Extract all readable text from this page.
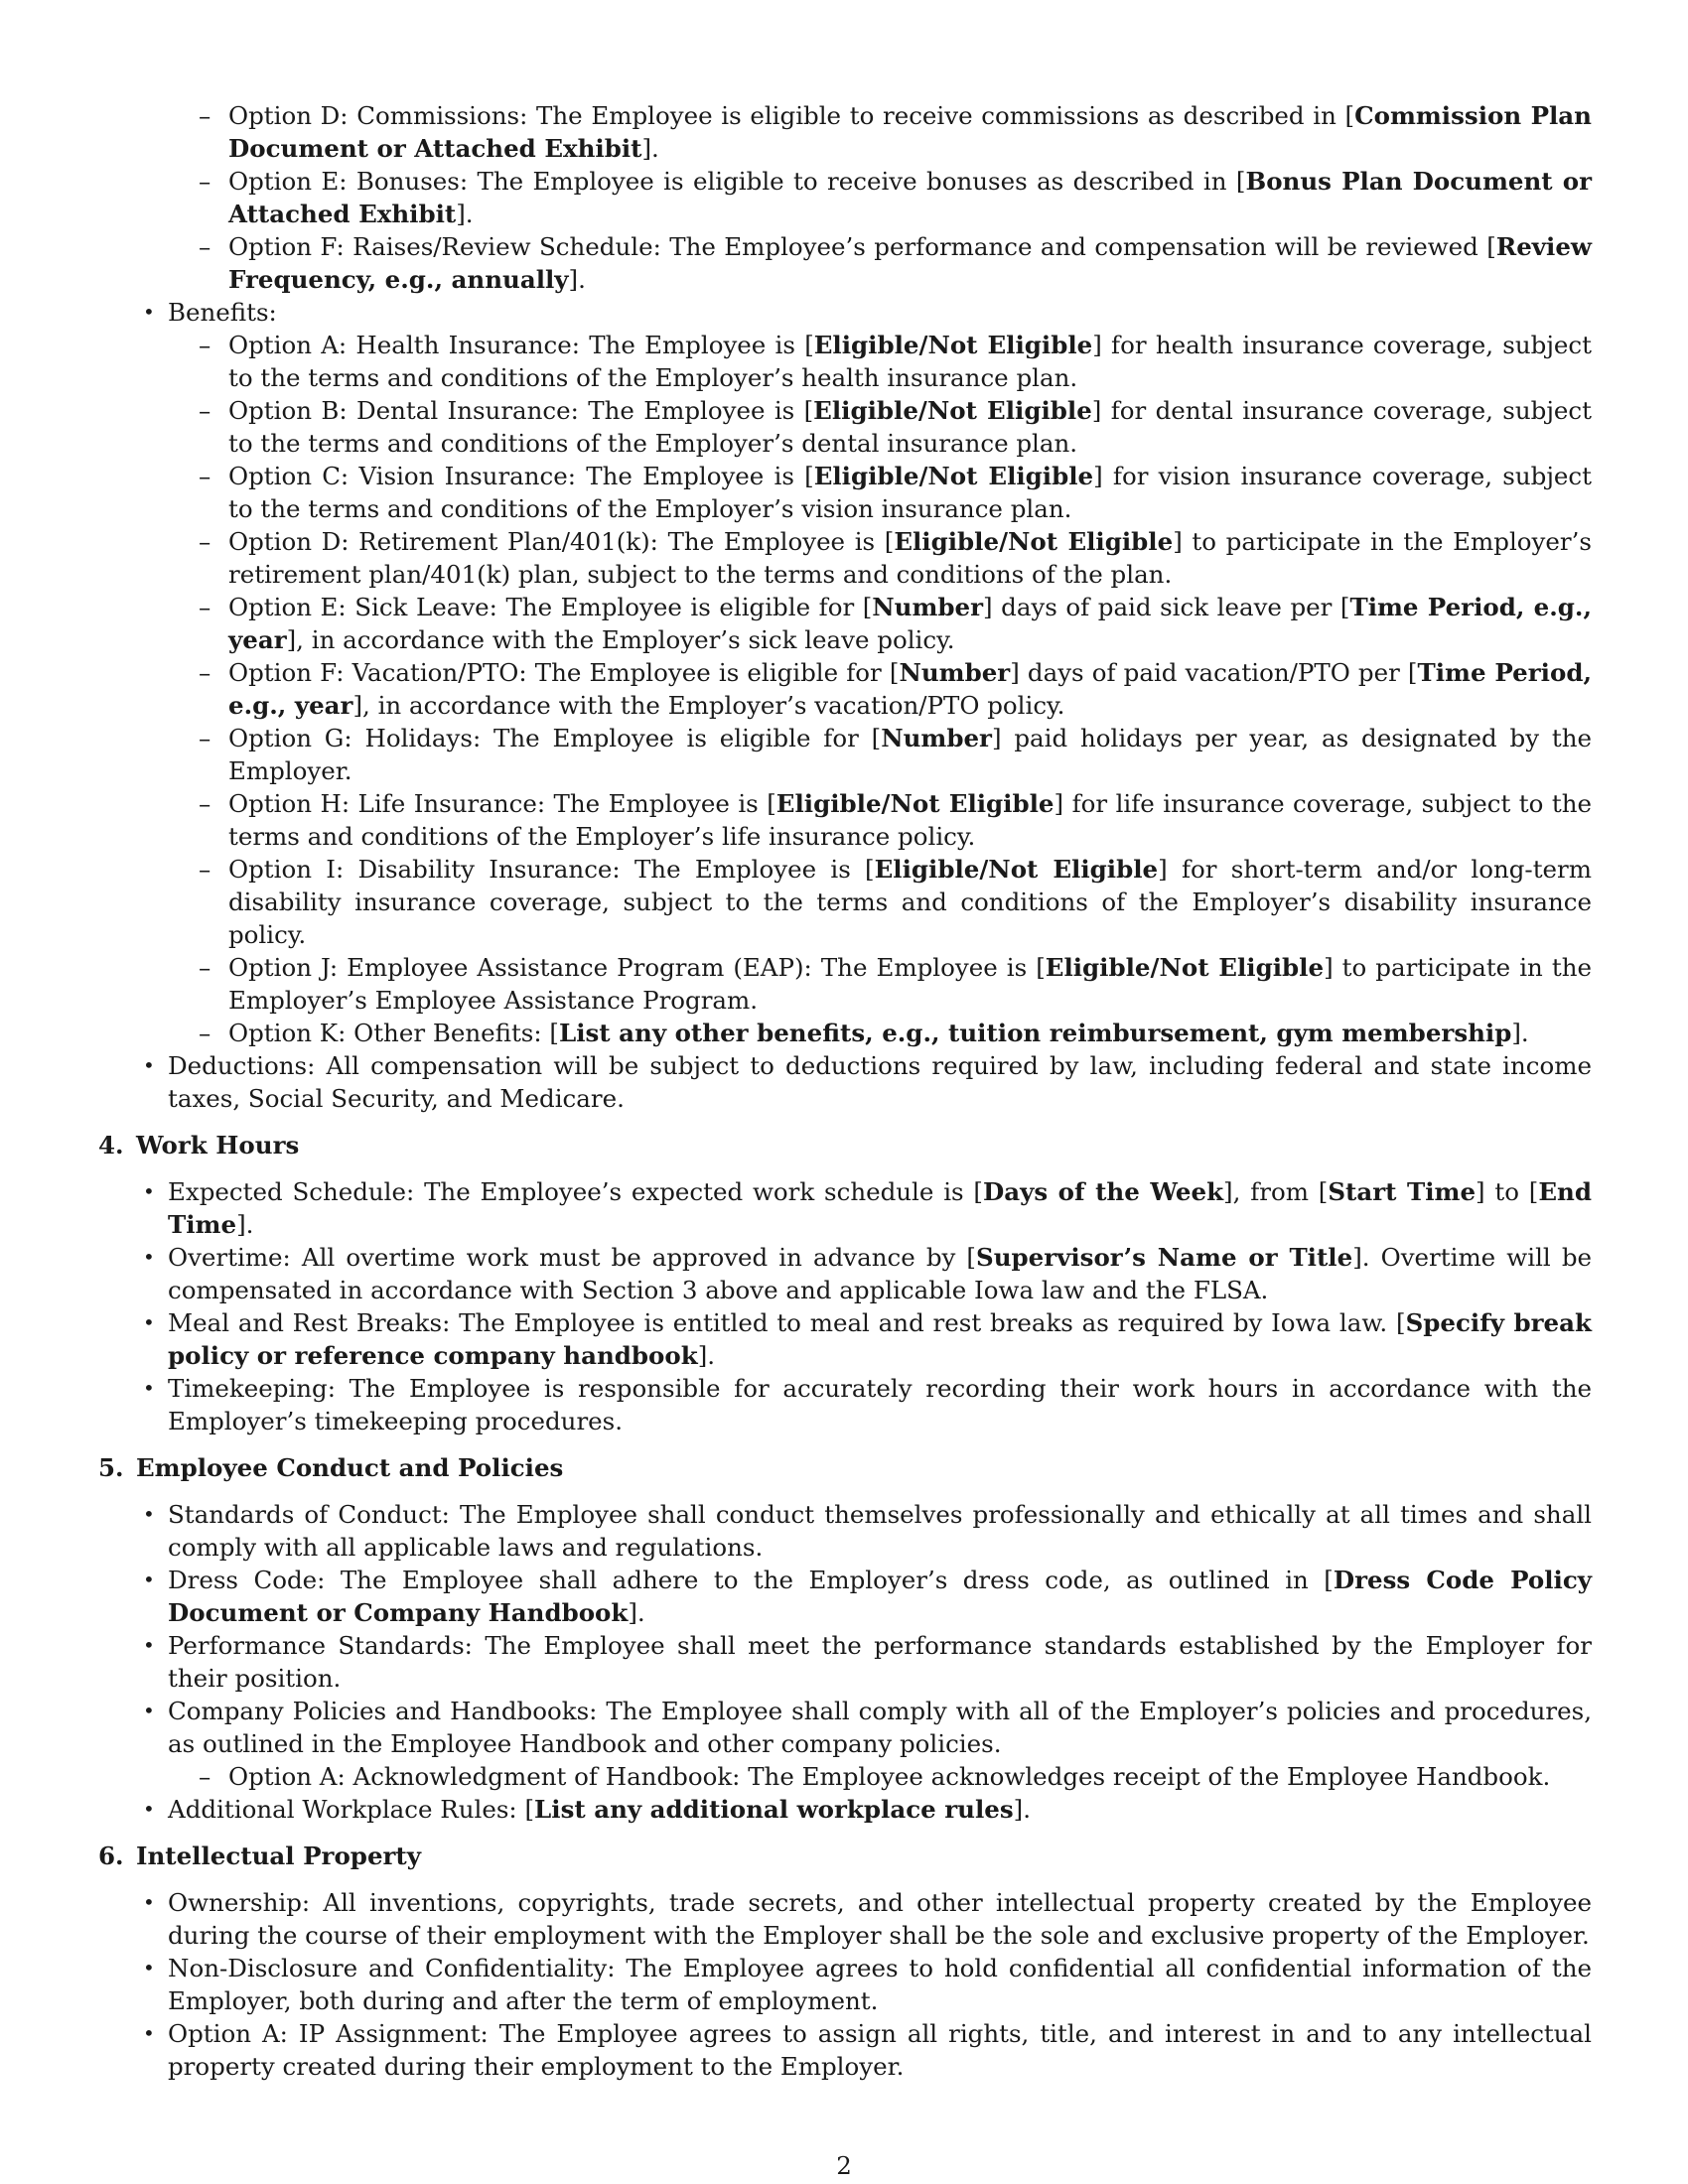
– Option D: Commissions: The Employee is eligible to receive commissions as described in [Commission Plan Document or Attached Exhibit].
– Option E: Bonuses: The Employee is eligible to receive bonuses as described in [Bonus Plan Document or Attached Exhibit].
– Option F: Raises/Review Schedule: The Employee’s performance and compensation will be reviewed [Review Frequency, e.g., annually].
• Benefits:
– Option A: Health Insurance: The Employee is [Eligible/Not Eligible] for health insurance coverage, subject to the terms and conditions of the Employer’s health insurance plan.
– Option B: Dental Insurance: The Employee is [Eligible/Not Eligible] for dental insurance coverage, subject to the terms and conditions of the Employer’s dental insurance plan.
– Option C: Vision Insurance: The Employee is [Eligible/Not Eligible] for vision insurance coverage, subject to the terms and conditions of the Employer’s vision insurance plan.
– Option D: Retirement Plan/401(k): The Employee is [Eligible/Not Eligible] to participate in the Employer’s retirement plan/401(k) plan, subject to the terms and conditions of the plan.
– Option E: Sick Leave: The Employee is eligible for [Number] days of paid sick leave per [Time Period, e.g., year], in accordance with the Employer’s sick leave policy.
– Option F: Vacation/PTO: The Employee is eligible for [Number] days of paid vacation/PTO per [Time Period, e.g., year], in accordance with the Employer’s vacation/PTO policy.
– Option G: Holidays: The Employee is eligible for [Number] paid holidays per year, as designated by the Employer.
– Option H: Life Insurance: The Employee is [Eligible/Not Eligible] for life insurance coverage, subject to the terms and conditions of the Employer’s life insurance policy.
– Option I: Disability Insurance: The Employee is [Eligible/Not Eligible] for short-term and/or long-term disability insurance coverage, subject to the terms and conditions of the Employer’s disability insurance policy.
– Option J: Employee Assistance Program (EAP): The Employee is [Eligible/Not Eligible] to participate in the Employer’s Employee Assistance Program.
– Option K: Other Benefits: [List any other benefits, e.g., tuition reimbursement, gym membership].
• Deductions: All compensation will be subject to deductions required by law, including federal and state income taxes, Social Security, and Medicare.
4. Work Hours
• Expected Schedule: The Employee’s expected work schedule is [Days of the Week], from [Start Time] to [End Time].
• Overtime: All overtime work must be approved in advance by [Supervisor’s Name or Title]. Overtime will be compensated in accordance with Section 3 above and applicable Iowa law and the FLSA.
• Meal and Rest Breaks: The Employee is entitled to meal and rest breaks as required by Iowa law. [Specify break policy or reference company handbook].
• Timekeeping: The Employee is responsible for accurately recording their work hours in accordance with the Employer’s timekeeping procedures.
5. Employee Conduct and Policies
• Standards of Conduct: The Employee shall conduct themselves professionally and ethically at all times and shall comply with all applicable laws and regulations.
• Dress Code: The Employee shall adhere to the Employer’s dress code, as outlined in [Dress Code Policy Document or Company Handbook].
• Performance Standards: The Employee shall meet the performance standards established by the Employer for their position.
• Company Policies and Handbooks: The Employee shall comply with all of the Employer’s policies and procedures, as outlined in the Employee Handbook and other company policies.
– Option A: Acknowledgment of Handbook: The Employee acknowledges receipt of the Employee Handbook.
• Additional Workplace Rules: [List any additional workplace rules].
6. Intellectual Property
• Ownership: All inventions, copyrights, trade secrets, and other intellectual property created by the Employee during the course of their employment with the Employer shall be the sole and exclusive property of the Employer.
• Non-Disclosure and Confidentiality: The Employee agrees to hold confidential all confidential information of the Employer, both during and after the term of employment.
• Option A: IP Assignment: The Employee agrees to assign all rights, title, and interest in and to any intellectual property created during their employment to the Employer.
2
